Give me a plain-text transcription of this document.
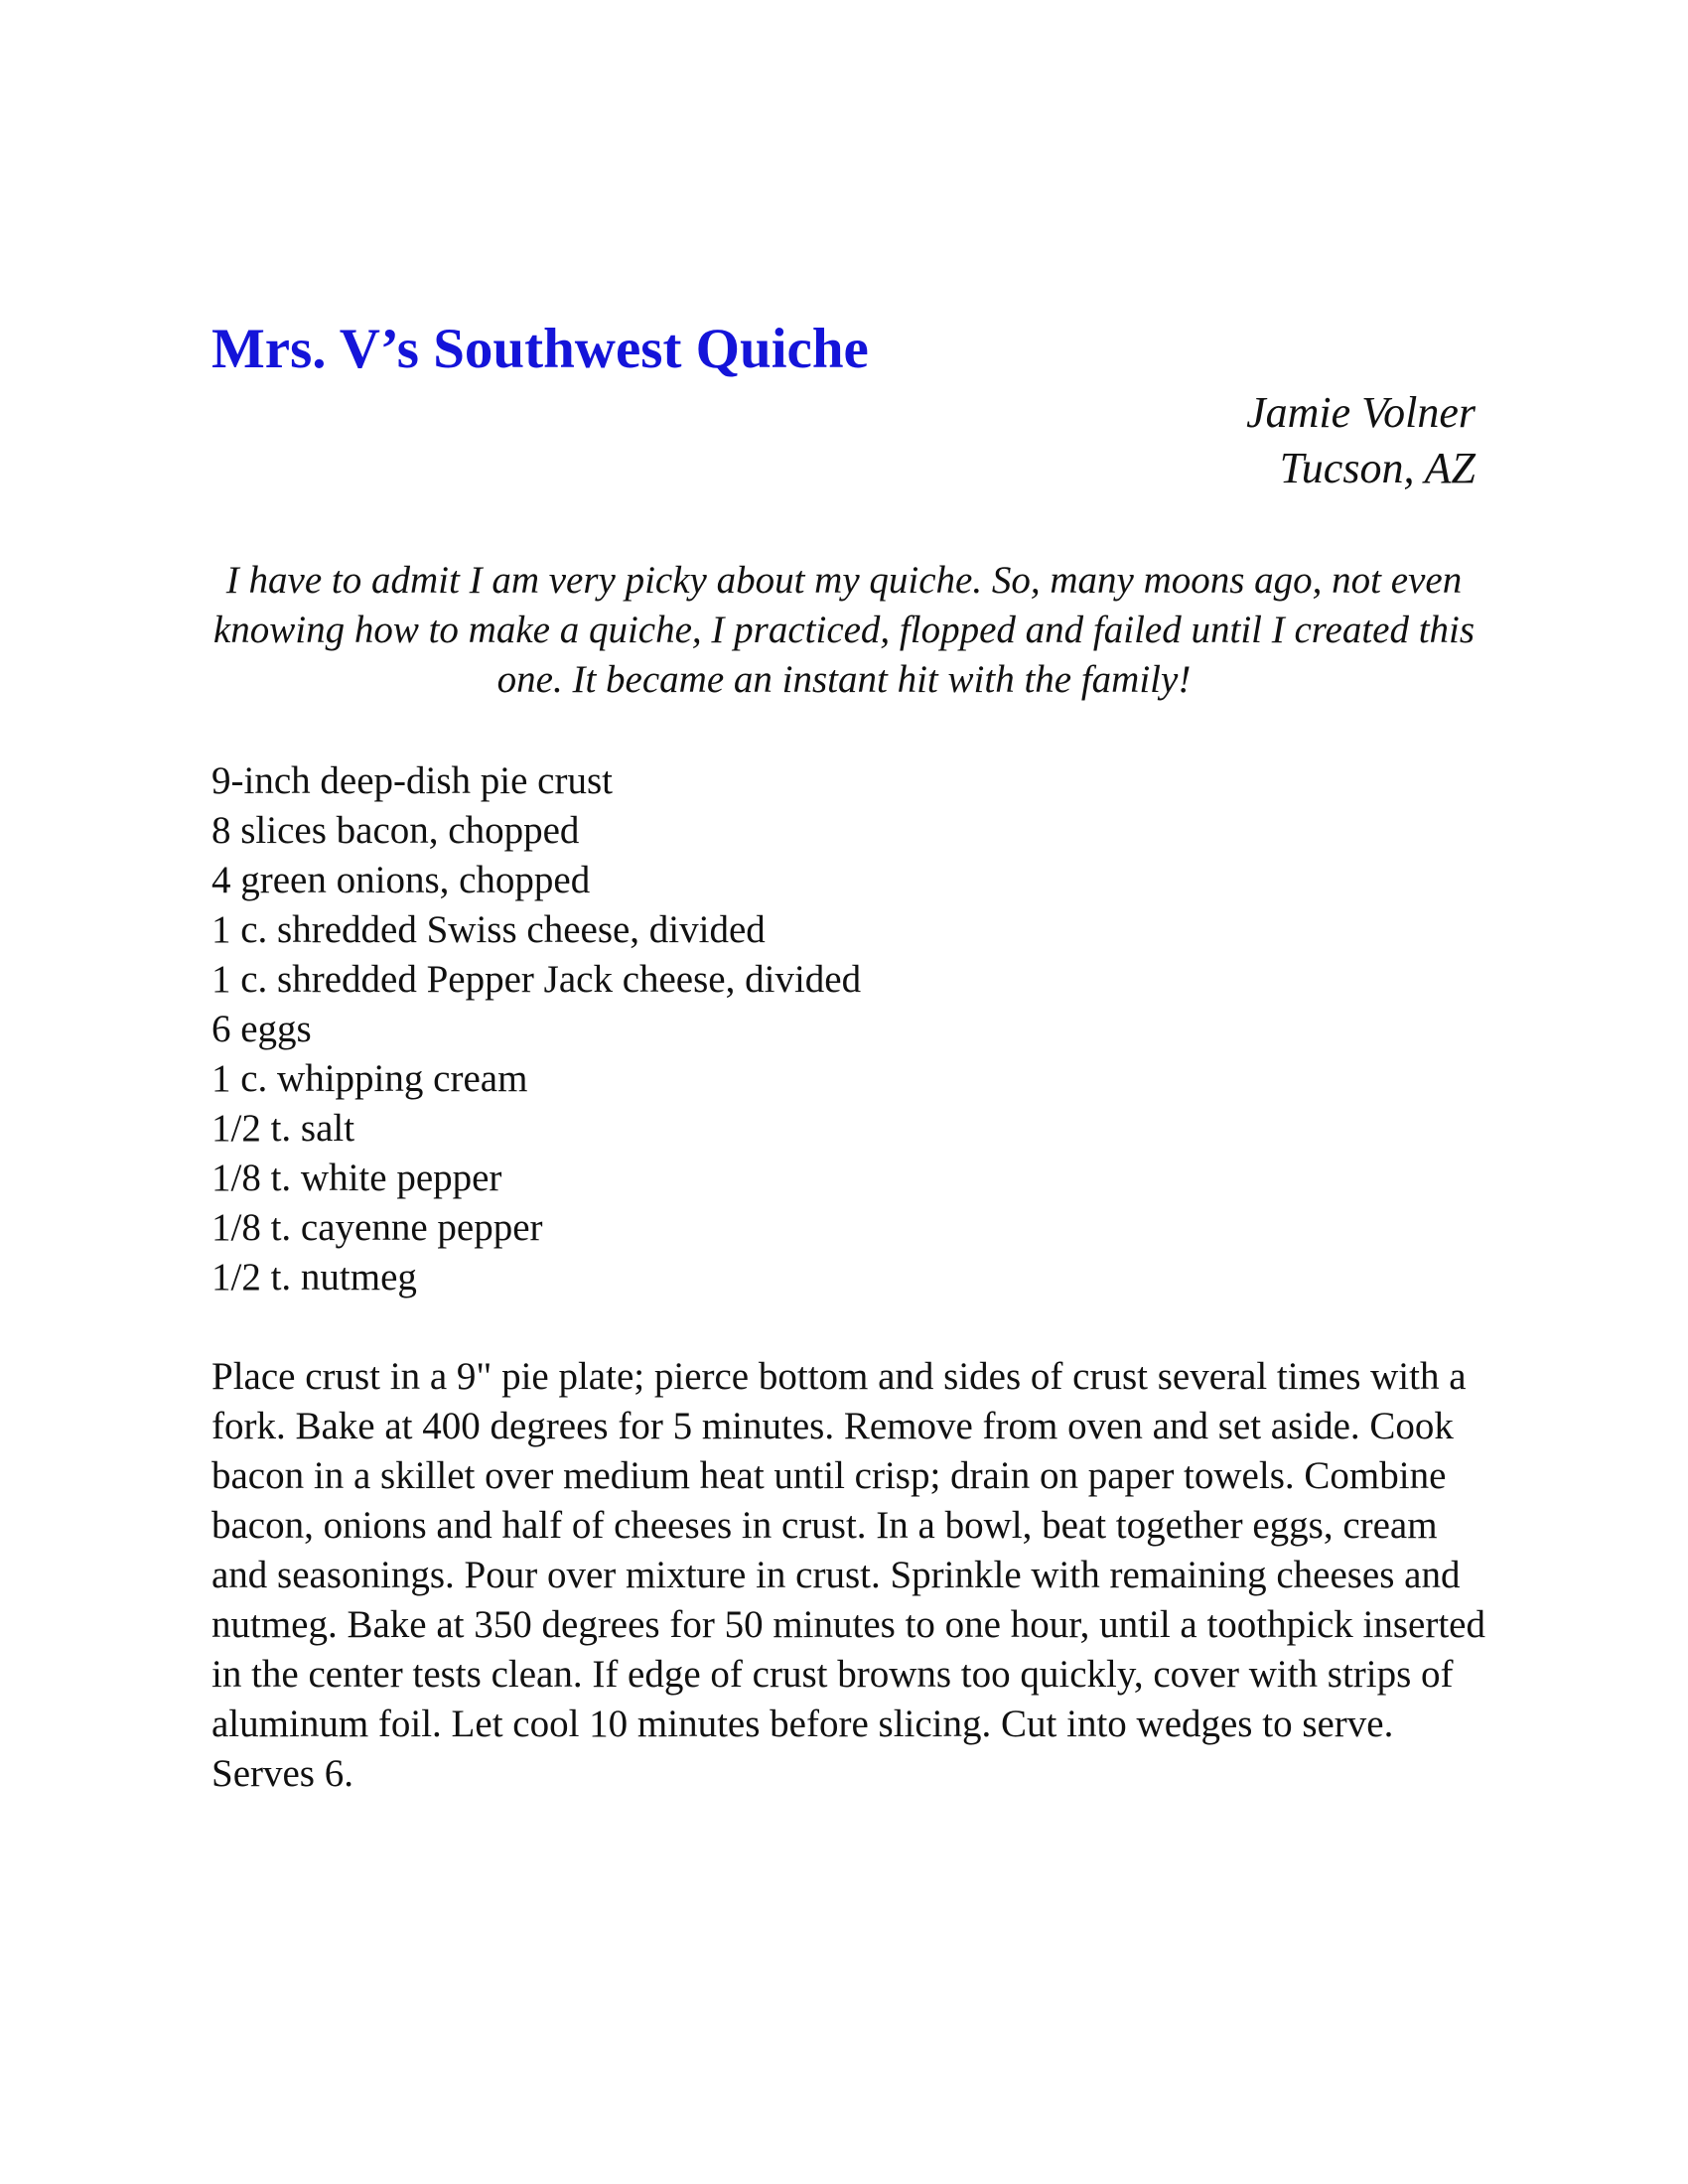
Mrs. V’s Southwest Quiche
Jamie Volner
Tucson, AZ

I have to admit I am very picky about my quiche. So, many moons ago, not even knowing how to make a quiche, I practiced, flopped and failed until I created this one. It became an instant hit with the family!

9-inch deep-dish pie crust
8 slices bacon, chopped
4 green onions, chopped
1 c. shredded Swiss cheese, divided
1 c. shredded Pepper Jack cheese, divided
6 eggs
1 c. whipping cream
1/2 t. salt
1/8 t. white pepper
1/8 t. cayenne pepper
1/2 t. nutmeg

Place crust in a 9" pie plate; pierce bottom and sides of crust several times with a fork. Bake at 400 degrees for 5 minutes. Remove from oven and set aside. Cook bacon in a skillet over medium heat until crisp; drain on paper towels. Combine bacon, onions and half of cheeses in crust. In a bowl, beat together eggs, cream and seasonings. Pour over mixture in crust. Sprinkle with remaining cheeses and nutmeg. Bake at 350 degrees for 50 minutes to one hour, until a toothpick inserted in the center tests clean. If edge of crust browns too quickly, cover with strips of aluminum foil. Let cool 10 minutes before slicing. Cut into wedges to serve. Serves 6.
